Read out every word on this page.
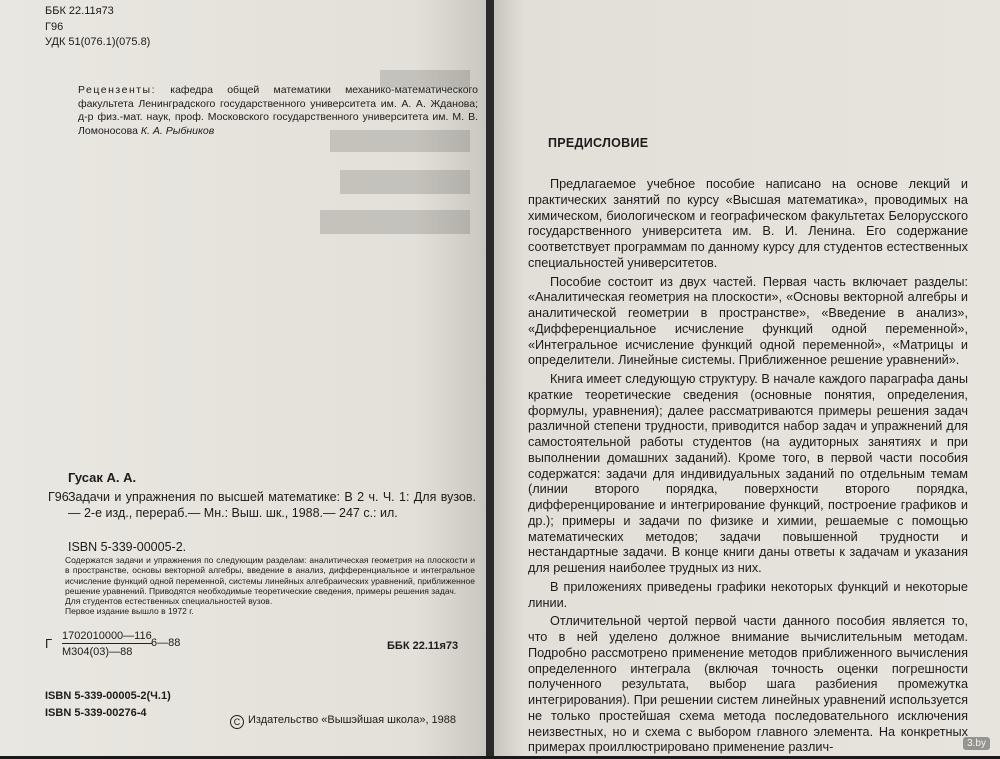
ББК 22.11я73
Г96
УДК 51(076.1)(075.8)
Рецензенты: кафедра общей математики механико-математического факультета Ленинградского государственного университета им. А. А. Жданова; д-р физ.-мат. наук, проф. Московского государственного университета им. М. В. Ломоносова К. А. Рыбников
Гусак А. А.
Г96 Задачи и упражнения по высшей математике: В 2 ч. Ч. 1: Для вузов.— 2-е изд., перераб.— Мн.: Выш. шк., 1988.— 247 с.: ил.
ISBN 5-339-00005-2.
Содержатся задачи и упражнения по следующим разделам: аналитическая геометрия на плоскости и в пространстве, основы векторной алгебры, введение в анализ, дифференциальное и интегральное исчисление функций одной переменной, системы линейных алгебраических уравнений, приближенное решение уравнений. Приводятся необходимые теоретические сведения, примеры решения задач.
Для студентов естественных специальностей вузов.
Первое издание вышло в 1972 г.
Г 1702010000—116
М304(03)—88
6—88	ББК 22.11я73
ISBN 5-339-00005-2(Ч.1)
ISBN 5-339-00276-4
C Издательство «Вышэйшая школа», 1988
ПРЕДИСЛОВИЕ

Предлагаемое учебное пособие написано на основе лекций и практических занятий по курсу «Высшая математика», проводимых на химическом, биологическом и географическом факультетах Белорусского государственного университета им. В. И. Ленина. Его содержание соответствует программам по данному курсу для студентов естественных специальностей университетов.

Пособие состоит из двух частей. Первая часть включает разделы: «Аналитическая геометрия на плоскости», «Основы векторной алгебры и аналитической геометрии в пространстве», «Введение в анализ», «Дифференциальное исчисление функций одной переменной», «Интегральное исчисление функций одной переменной», «Матрицы и определители. Линейные системы. Приближенное решение уравнений».

Книга имеет следующую структуру. В начале каждого параграфа даны краткие теоретические сведения (основные понятия, определения, формулы, уравнения); далее рассматриваются примеры решения задач различной степени трудности, приводится набор задач и упражнений для самостоятельной работы студентов (на аудиторных занятиях и при выполнении домашних заданий). Кроме того, в первой части пособия содержатся: задачи для индивидуальных заданий по отдельным темам (линии второго порядка, поверхности второго порядка, дифференцирование и интегрирование функций, построение графиков и др.); примеры и задачи по физике и химии, решаемые с помощью математических методов; задачи повышенной трудности и нестандартные задачи. В конце книги даны ответы к задачам и указания для решения наиболее трудных из них.

В приложениях приведены графики некоторых функций и некоторые линии.

Отличительной чертой первой части данного пособия является то, что в ней уделено должное внимание вычислительным методам. Подробно рассмотрено применение методов приближенного вычисления определенного интеграла (включая точность оценки погрешности полученного результата, выбор шага разбиения промежутка интегрирования). При решении систем линейных уравнений используется не только простейшая схема метода последовательного исключения неизвестных, но и схема с выбором главного элемента. На конкретных примерах проиллюстрировано применение различ-	3.by
